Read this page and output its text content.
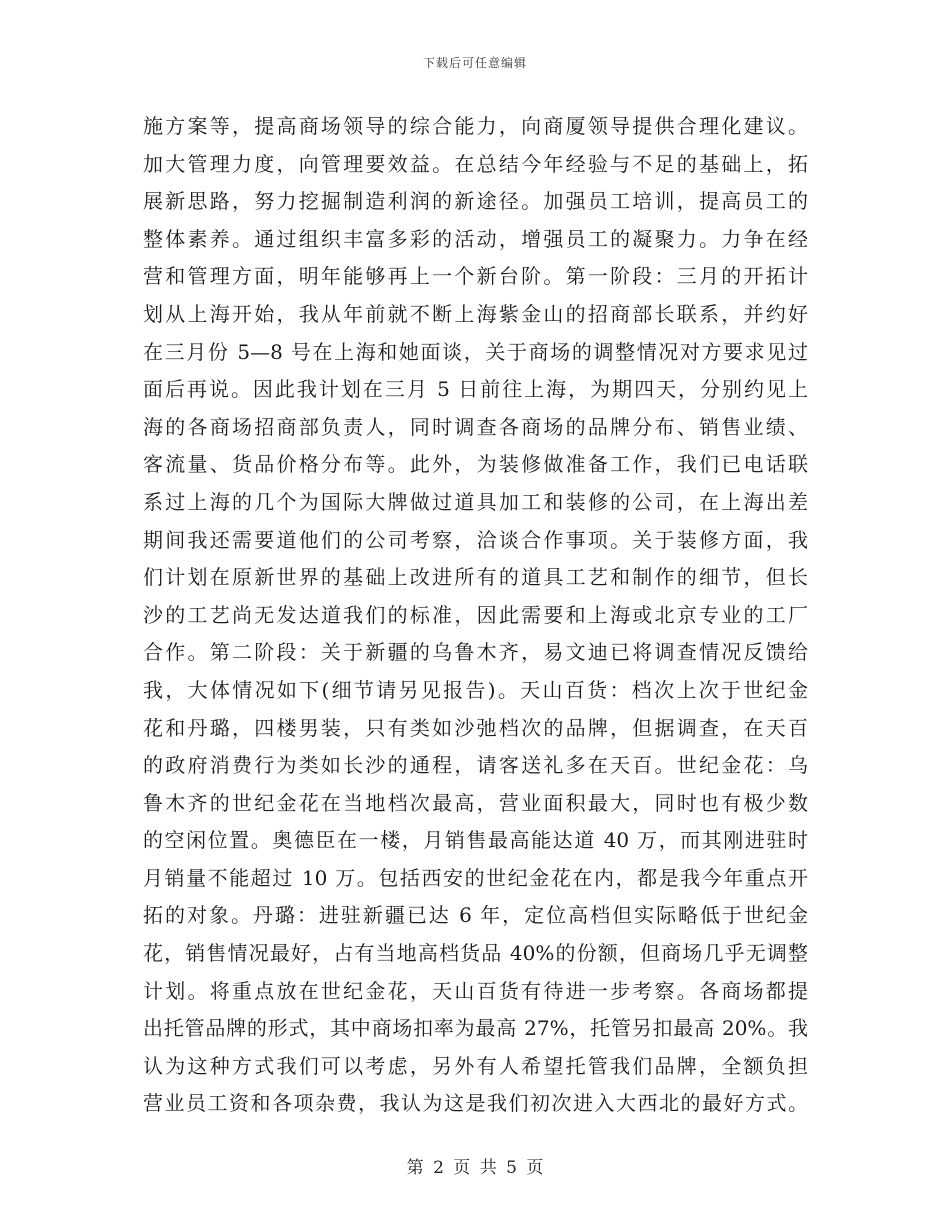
下载后可任意编辑
施方案等，提高商场领导的综合能力，向商厦领导提供合理化建议。
加大管理力度，向管理要效益。在总结今年经验与不足的基础上，拓
展新思路，努力挖掘制造利润的新途径。加强员工培训，提高员工的
整体素养。通过组织丰富多彩的活动，增强员工的凝聚力。力争在经
营和管理方面，明年能够再上一个新台阶。第一阶段：三月的开拓计
划从上海开始，我从年前就不断上海紫金山的招商部长联系，并约好
在三月份 5—8 号在上海和她面谈，关于商场的调整情况对方要求见过
面后再说。因此我计划在三月 5 日前往上海，为期四天，分别约见上
海的各商场招商部负责人，同时调查各商场的品牌分布、销售业绩、
客流量、货品价格分布等。此外，为装修做准备工作，我们已电话联
系过上海的几个为国际大牌做过道具加工和装修的公司，在上海出差
期间我还需要道他们的公司考察，洽谈合作事项。关于装修方面，我
们计划在原新世界的基础上改进所有的道具工艺和制作的细节，但长
沙的工艺尚无发达道我们的标准，因此需要和上海或北京专业的工厂
合作。第二阶段：关于新疆的乌鲁木齐，易文迪已将调查情况反馈给
我，大体情况如下(细节请另见报告)。天山百货：档次上次于世纪金
花和丹璐，四楼男装，只有类如沙弛档次的品牌，但据调查，在天百
的政府消费行为类如长沙的通程，请客送礼多在天百。世纪金花：乌
鲁木齐的世纪金花在当地档次最高，营业面积最大，同时也有极少数
的空闲位置。奥德臣在一楼，月销售最高能达道 40 万，而其刚进驻时
月销量不能超过 10 万。包括西安的世纪金花在内，都是我今年重点开
拓的对象。丹璐：进驻新疆已达 6 年，定位高档但实际略低于世纪金
花，销售情况最好，占有当地高档货品 40%的份额，但商场几乎无调整
计划。将重点放在世纪金花，天山百货有待进一步考察。各商场都提
出托管品牌的形式，其中商场扣率为最高 27%，托管另扣最高 20%。我
认为这种方式我们可以考虑，另外有人希望托管我们品牌，全额负担
营业员工资和各项杂费，我认为这是我们初次进入大西北的最好方式。
第 2 页 共 5 页
